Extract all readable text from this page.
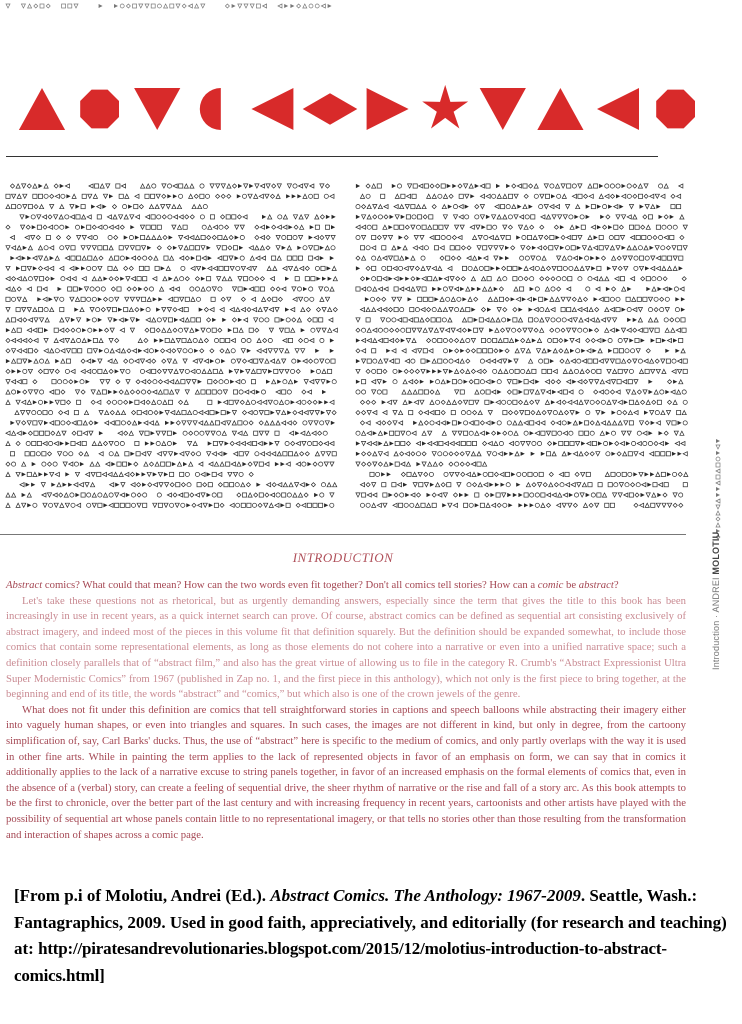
Introduction · ANDREI MOLOTIU
INTRODUCTION

Abstract comics? What could that mean? How can the two words even fit together? Don't all comics tell stories? How can a comic be abstract?

Let's take these questions not as rhetorical, but as urgently demanding answers, especially since the term that gives the title to this book has been increasingly in use in recent years, as a quick internet search can prove. Of course, abstract comics can be defined as sequential art consisting exclusively of abstract imagery, and indeed most of the pieces in this volume fit that definition squarely. But the definition should be expanded somewhat, to include those comics that contain some representational elements, as long as those elements do not cohere into a narrative or even into a unified narrative space; such a definition closely parallels that of “abstract film,” and also has the great virtue of allowing us to file in the category R. Crumb's “Abstract Expressionist Ultra Super Modernistic Comics” from 1967 (published in Zap no. 1, and the first piece in this anthology), which not only is the first piece to bring together, at the beginning and end of its title, the words “abstract” and “comics,” but which also is one of the crown jewels of the genre.

What does not fit under this definition are comics that tell straightforward stories in captions and speech balloons while abstracting their imagery either into vaguely human shapes, or even into triangles and squares. In such cases, the images are not different in kind, but only in degree, from the cartoony simplification of, say, Carl Barks' ducks. Thus, the use of “abstract” here is specific to the medium of comics, and only partly overlaps with the way it is used in other fine arts. While in painting the term applies to the lack of represented objects in favor of an emphasis on form, we can say that in comics it additionally applies to the lack of a narrative excuse to string panels together, in favor of an increased emphasis on the formal elements of comics that, even in the absence of a (verbal) story, can create a feeling of sequential drive, the sheer rhythm of narrative or the rise and fall of a story arc. As this book attempts to be the first to chronicle, over the better part of the last century and with increasing frequency in recent years, cartoonists and other artists have played with the possibility of sequential art whose panels contain little to no representational imagery, or that tells no stories other than those resulting from the transformation and interaction of shapes across a comic page.

[From p.i of Molotiu, Andrei (Ed.). Abstract Comics. The Anthology: 1967-2009. Seattle, Wash.: Fantagraphics, 2009. Used in good faith, appreciatively, and editorially (for research and teaching) at: http://piratesandrevolutionaries.blogspot.com/2015/12/molotius-introduction-to-abstract-comics.html]
